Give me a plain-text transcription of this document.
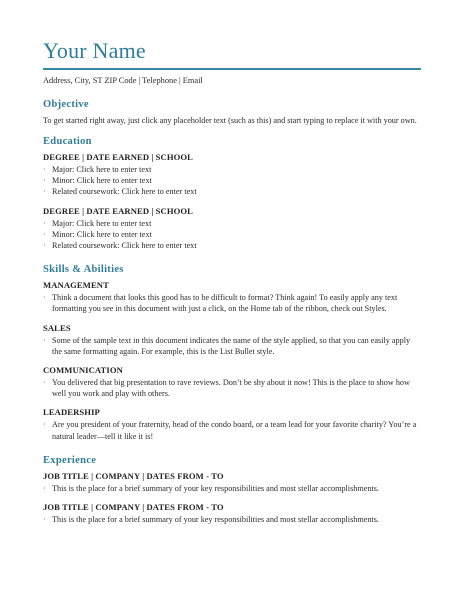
Your Name
Address, City, ST ZIP Code | Telephone | Email
Objective
To get started right away, just click any placeholder text (such as this) and start typing to replace it with your own.
Education
DEGREE | DATE EARNED | SCHOOL
· Major: Click here to enter text
· Minor: Click here to enter text
· Related coursework: Click here to enter text
DEGREE | DATE EARNED | SCHOOL
· Major: Click here to enter text
· Minor: Click here to enter text
· Related coursework: Click here to enter text
Skills & Abilities
MANAGEMENT
· Think a document that looks this good has to be difficult to format? Think again! To easily apply any text formatting you see in this document with just a click, on the Home tab of the ribbon, check out Styles.
SALES
· Some of the sample text in this document indicates the name of the style applied, so that you can easily apply the same formatting again. For example, this is the List Bullet style.
COMMUNICATION
· You delivered that big presentation to rave reviews. Don’t be shy about it now! This is the place to show how well you work and play with others.
LEADERSHIP
· Are you president of your fraternity, head of the condo board, or a team lead for your favorite charity? You’re a natural leader—tell it like it is!
Experience
JOB TITLE | COMPANY | DATES FROM - TO
· This is the place for a brief summary of your key responsibilities and most stellar accomplishments.
JOB TITLE | COMPANY | DATES FROM - TO
· This is the place for a brief summary of your key responsibilities and most stellar accomplishments.
